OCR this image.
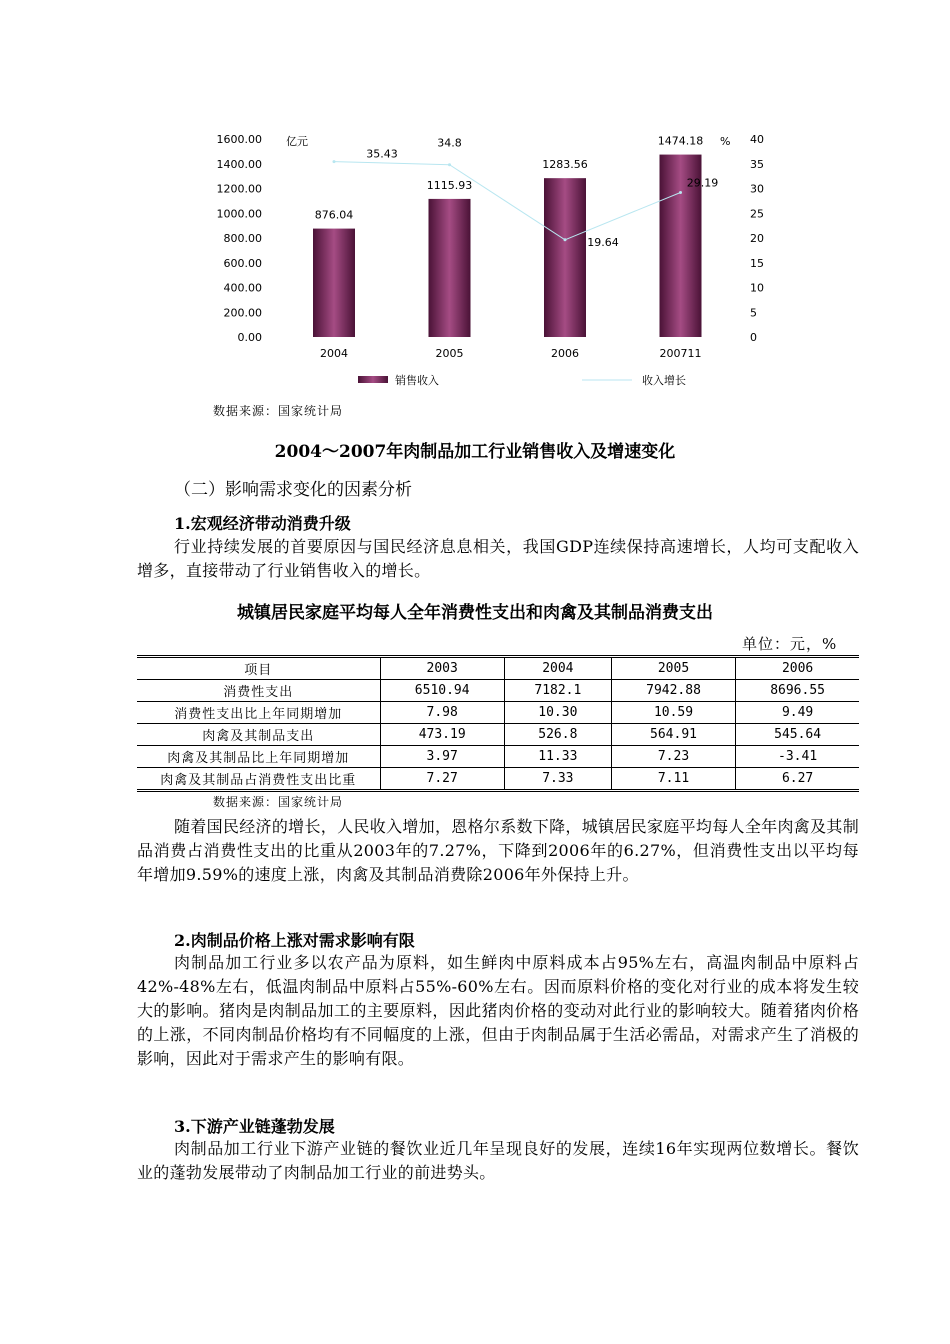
1600.00
1400.00
1200.00
1000.00
800.00
600.00
400.00
200.00
0.00
40
35
30
25
20
15
10
5
0
亿元	%
876.04
1115.93
1283.56
1474.18
35.43
34.8
19.64
29.19
2004	2005	2006	200711
销售收入	收入增长
数据来源：国家统计局
2004～2007年肉制品加工行业销售收入及增速变化
（二）影响需求变化的因素分析
1.宏观经济带动消费升级
行业持续发展的首要原因与国民经济息息相关，我国GDP连续保持高速增长，人均可支配收入增多，直接带动了行业销售收入的增长。
城镇居民家庭平均每人全年消费性支出和肉禽及其制品消费支出
单位：元，%
项目	2003	2004	2005	2006
消费性支出	6510.94	7182.1	7942.88	8696.55
消费性支出比上年同期增加	7.98	10.30	10.59	9.49
肉禽及其制品支出	473.19	526.8	564.91	545.64
肉禽及其制品比上年同期增加	3.97	11.33	7.23	-3.41
肉禽及其制品占消费性支出比重	7.27	7.33	7.11	6.27
数据来源：国家统计局
随着国民经济的增长，人民收入增加，恩格尔系数下降，城镇居民家庭平均每人全年肉禽及其制品消费占消费性支出的比重从2003年的7.27%，下降到2006年的6.27%，但消费性支出以平均每年增加9.59%的速度上涨，肉禽及其制品消费除2006年外保持上升。
2.肉制品价格上涨对需求影响有限
肉制品加工行业多以农产品为原料，如生鲜肉中原料成本占95%左右，高温肉制品中原料占42%-48%左右，低温肉制品中原料占55%-60%左右。因而原料价格的变化对行业的成本将发生较大的影响。猪肉是肉制品加工的主要原料，因此猪肉价格的变动对此行业的影响较大。随着猪肉价格的上涨，不同肉制品价格均有不同幅度的上涨，但由于肉制品属于生活必需品，对需求产生了消极的影响，因此对于需求产生的影响有限。
3.下游产业链蓬勃发展
肉制品加工行业下游产业链的餐饮业近几年呈现良好的发展，连续16年实现两位数增长。餐饮业的蓬勃发展带动了肉制品加工行业的前进势头。
